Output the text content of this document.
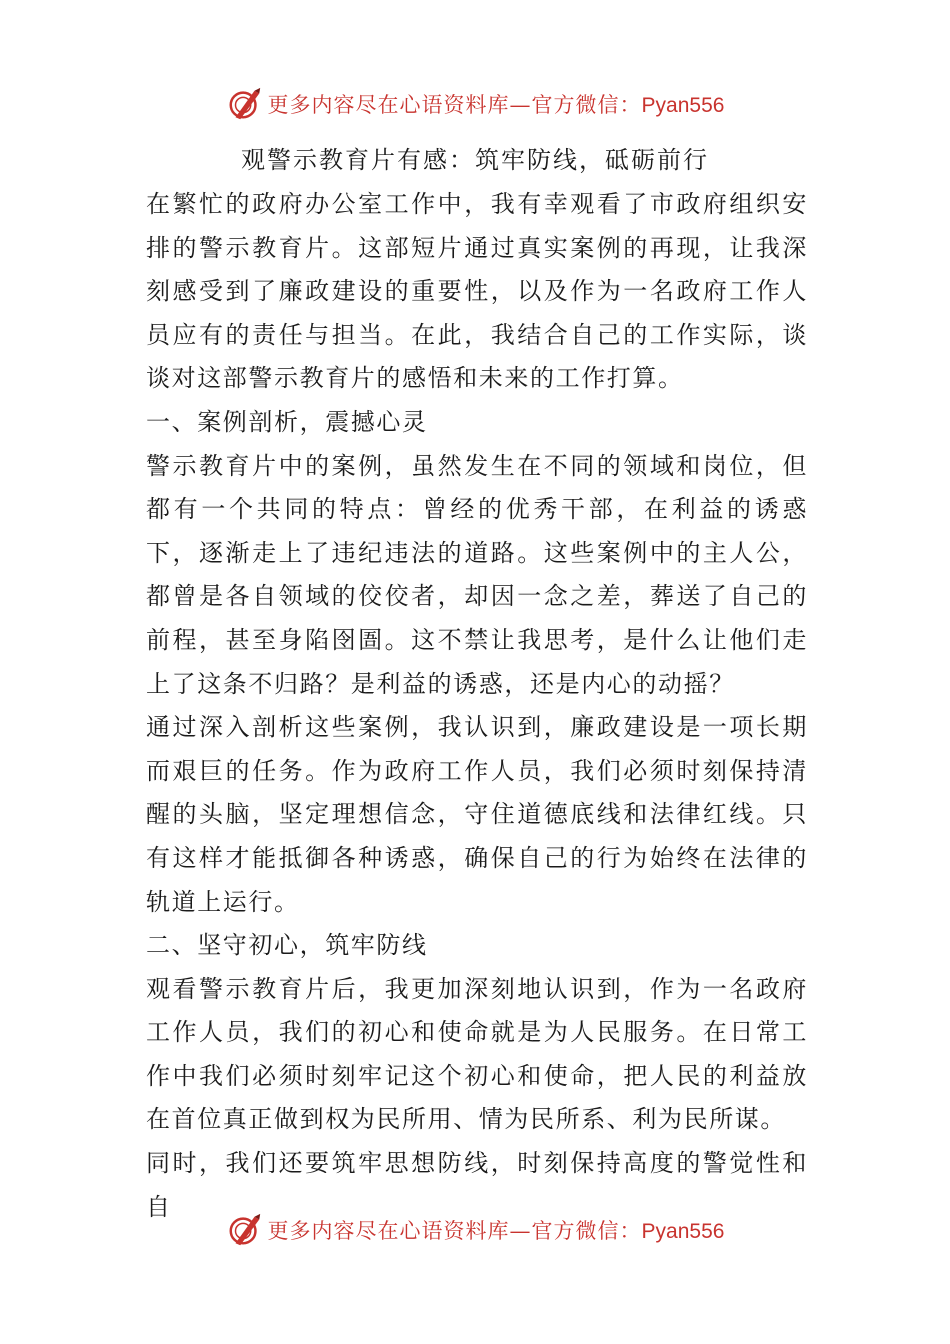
更多内容尽在心语资料库—官方微信：Pyan556
观警示教育片有感：筑牢防线，砥砺前行

在繁忙的政府办公室工作中，我有幸观看了市政府组织安排的警示教育片。这部短片通过真实案例的再现，让我深刻感受到了廉政建设的重要性，以及作为一名政府工作人员应有的责任与担当。在此，我结合自己的工作实际，谈谈对这部警示教育片的感悟和未来的工作打算。

一、案例剖析，震撼心灵

警示教育片中的案例，虽然发生在不同的领域和岗位，但都有一个共同的特点：曾经的优秀干部，在利益的诱惑下，逐渐走上了违纪违法的道路。这些案例中的主人公，都曾是各自领域的佼佼者，却因一念之差，葬送了自己的前程，甚至身陷囹圄。这不禁让我思考，是什么让他们走上了这条不归路？是利益的诱惑，还是内心的动摇？

通过深入剖析这些案例，我认识到，廉政建设是一项长期而艰巨的任务。作为政府工作人员，我们必须时刻保持清醒的头脑，坚定理想信念，守住道德底线和法律红线。只有这样才能抵御各种诱惑，确保自己的行为始终在法律的轨道上运行。

二、坚守初心，筑牢防线

观看警示教育片后，我更加深刻地认识到，作为一名政府工作人员，我们的初心和使命就是为人民服务。在日常工作中我们必须时刻牢记这个初心和使命，把人民的利益放在首位真正做到权为民所用、情为民所系、利为民所谋。

同时，我们还要筑牢思想防线，时刻保持高度的警觉性和自

更多内容尽在心语资料库—官方微信：Pyan556
